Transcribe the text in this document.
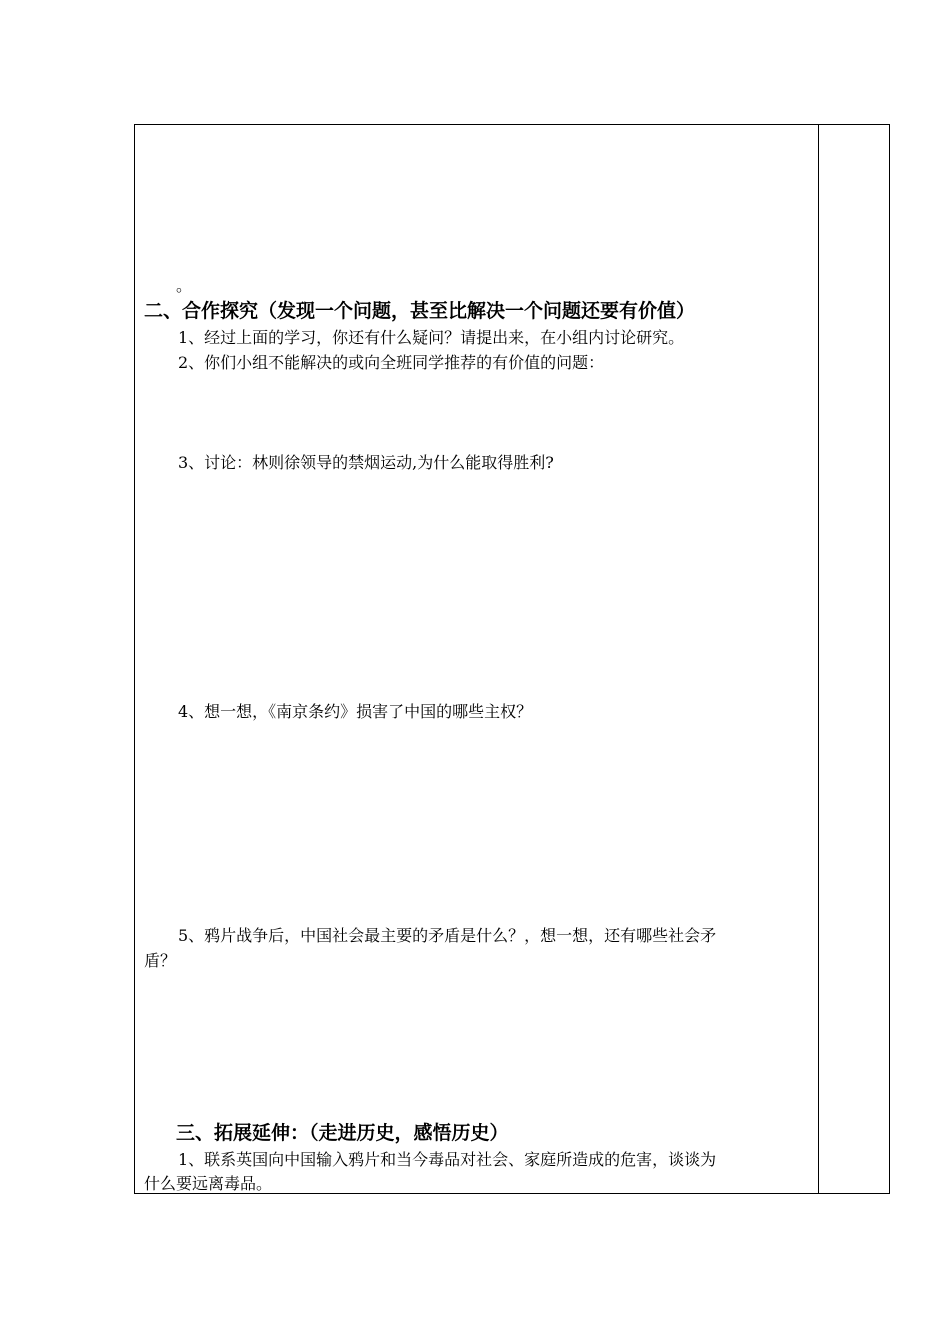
。
二、合作探究（发现一个问题，甚至比解决一个问题还要有价值）
1、经过上面的学习，你还有什么疑问？请提出来，在小组内讨论研究。
2、你们小组不能解决的或向全班同学推荐的有价值的问题：
3、讨论：林则徐领导的禁烟运动,为什么能取得胜利?
4、想一想，《南京条约》损害了中国的哪些主权？
5、鸦片战争后，中国社会最主要的矛盾是什么？，想一想，还有哪些社会矛
盾？
三、拓展延伸：（走进历史，感悟历史）
1、联系英国向中国输入鸦片和当今毒品对社会、家庭所造成的危害，谈谈为
什么要远离毒品。
